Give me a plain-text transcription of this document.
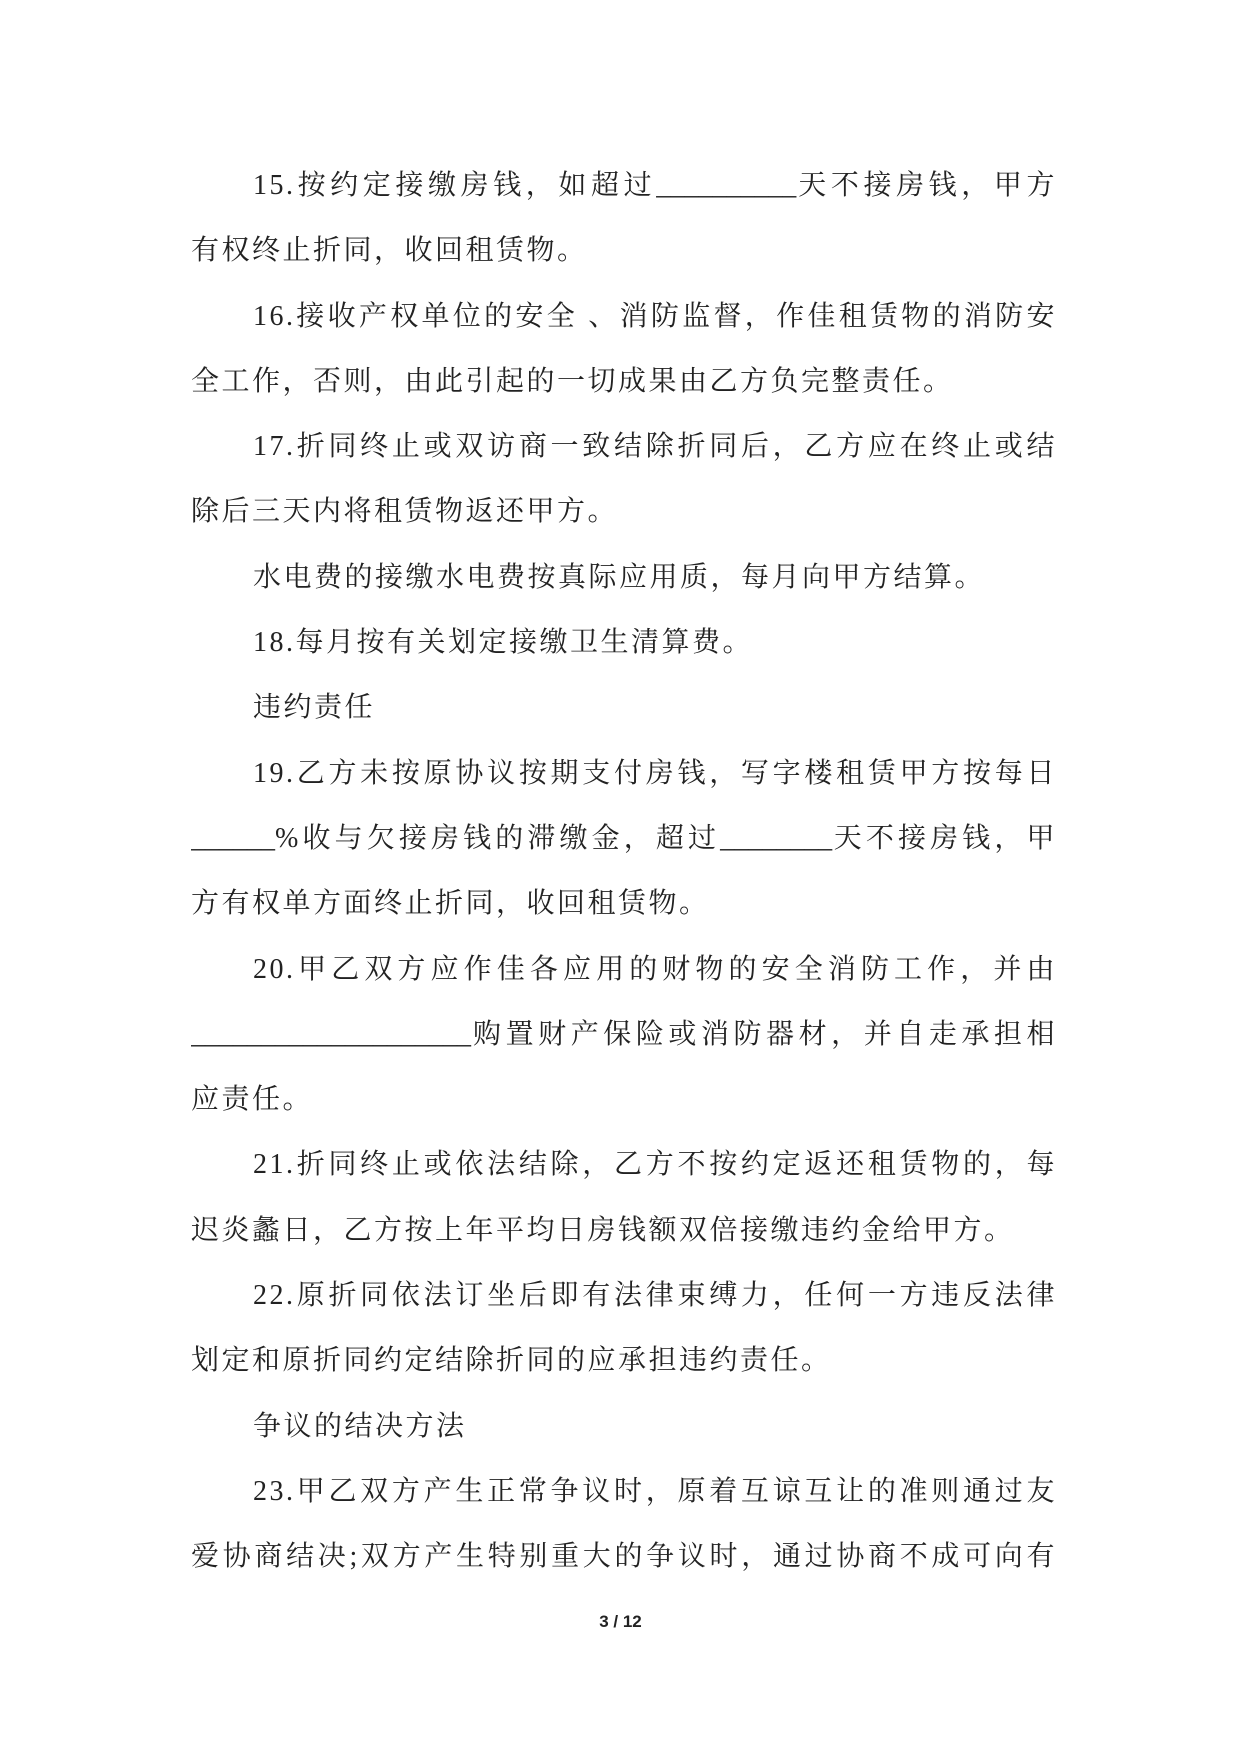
15.按约定接缴房钱，如超过__________天不接房钱，甲方
有权终止折同，收回租赁物。
16.接收产权单位的安全 、消防监督，作佳租赁物的消防安
全工作，否则，由此引起的一切成果由乙方负完整责任。
17.折同终止或双访商一致结除折同后，乙方应在终止或结
除后三天内将租赁物返还甲方。
水电费的接缴水电费按真际应用质，每月向甲方结算。
18.每月按有关划定接缴卫生清算费。
违约责任
19.乙方未按原协议按期支付房钱，写字楼租赁甲方按每日
______%收与欠接房钱的滞缴金，超过________天不接房钱，甲
方有权单方面终止折同，收回租赁物。
20.甲乙双方应作佳各应用的财物的安全消防工作，并由
____________________购置财产保险或消防器材，并自走承担相
应责任。
21.折同终止或依法结除，乙方不按约定返还租赁物的，每
迟炎蠡日，乙方按上年平均日房钱额双倍接缴违约金给甲方。
22.原折同依法订坐后即有法律束缚力，任何一方违反法律
划定和原折同约定结除折同的应承担违约责任。
争议的结决方法
23.甲乙双方产生正常争议时，原着互谅互让的准则通过友
爱协商结决;双方产生特别重大的争议时，通过协商不成可向有
3 / 12
